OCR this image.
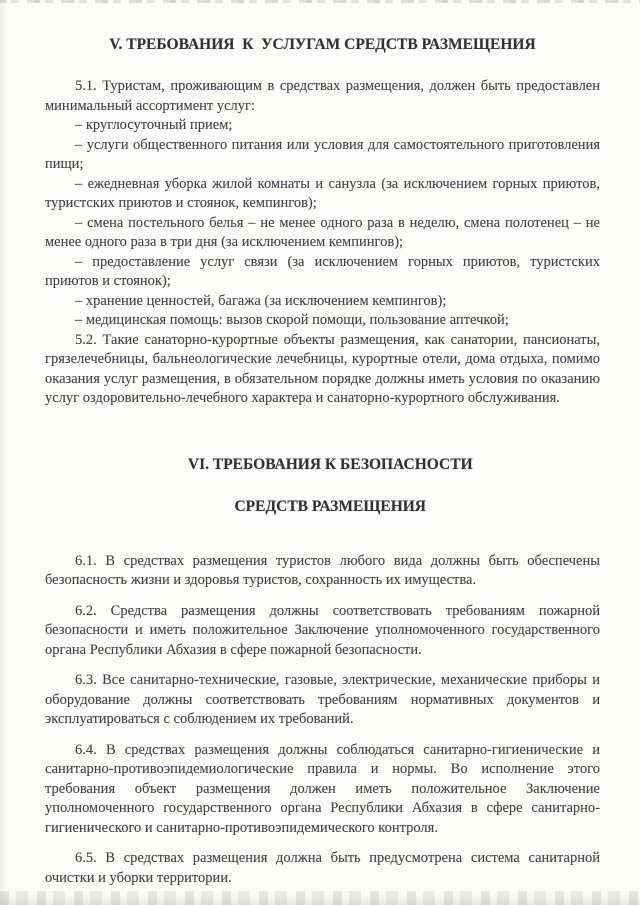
V. ТРЕБОВАНИЯ  К  УСЛУГАМ СРЕДСТВ РАЗМЕЩЕНИЯ

5.1. Туристам, проживающим в средствах размещения, должен быть предоставлен минимальный ассортимент услуг:

– круглосуточный прием;

– услуги общественного питания или условия для самостоятельного приготовления пищи;

– ежедневная уборка жилой комнаты и санузла (за исключением горных приютов, туристских приютов и стоянок, кемпингов);

– смена постельного белья – не менее одного раза в неделю, смена полотенец – не менее одного раза в три дня (за исключением кемпингов);

– предоставление услуг связи (за исключением горных приютов, туристских приютов и стоянок);

– хранение ценностей, багажа (за исключением кемпингов);

– медицинская помощь: вызов скорой помощи, пользование аптечкой;

5.2. Такие санаторно-курортные объекты размещения, как санатории, пансионаты, грязелечебницы, бальнеологические лечебницы, курортные отели, дома отдыха, помимо оказания услуг размещения, в обязательном порядке должны иметь условия по оказанию услуг оздоровительно-лечебного характера и санаторно-курортного обслуживания.

VI. ТРЕБОВАНИЯ К БЕЗОПАСНОСТИ

СРЕДСТВ РАЗМЕЩЕНИЯ

6.1. В средствах размещения туристов любого вида должны быть обеспечены безопасность жизни и здоровья туристов, сохранность их имущества.

6.2. Средства размещения должны соответствовать требованиям пожарной безопасности и иметь положительное Заключение уполномоченного государственного органа Республики Абхазия в сфере пожарной безопасности.

6.3. Все санитарно-технические, газовые, электрические, механические приборы и оборудование должны соответствовать требованиям нормативных документов и эксплуатироваться с соблюдением их требований.

6.4. В средствах размещения должны соблюдаться санитарно-гигиенические и санитарно-противоэпидемиологические правила и нормы. Во исполнение этого требования объект размещения должен иметь положительное Заключение уполномоченного государственного органа Республики Абхазия в сфере санитарно-гигиенического и санитарно-противоэпидемического контроля.

6.5. В средствах размещения должна быть предусмотрена система санитарной очистки и уборки территории.
